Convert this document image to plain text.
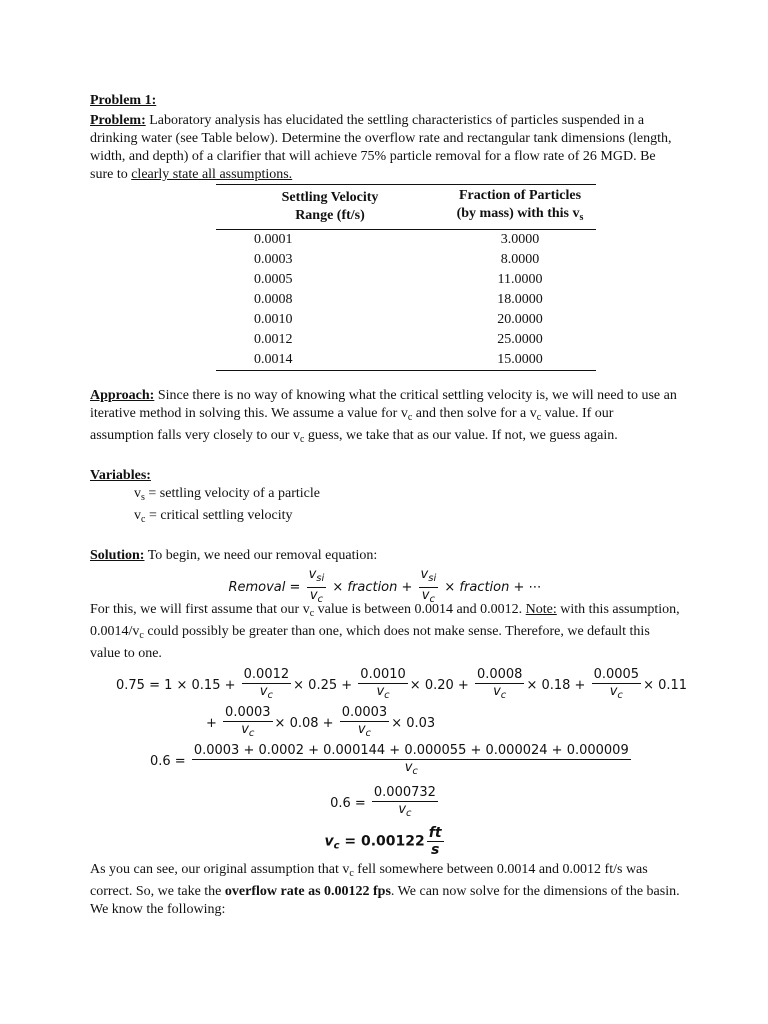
Problem 1:

Problem: Laboratory analysis has elucidated the settling characteristics of particles suspended in a drinking water (see Table below). Determine the overflow rate and rectangular tank dimensions (length, width, and depth) of a clarifier that will achieve 75% particle removal for a flow rate of 26 MGD. Be sure to clearly state all assumptions.

Settling Velocity
Range (ft/s)	Fraction of Particles
(by mass) with this $v_s$
0.0001	3.0000
0.0003	8.0000
0.0005	11.0000
0.0008	18.0000
0.0010	20.0000
0.0012	25.0000
0.0014	15.0000

Approach: Since there is no way of knowing what the critical settling velocity is, we will need to use an iterative method in solving this. We assume a value for $v_c$ and then solve for a $v_c$ value. If our assumption falls very closely to our $v_c$ guess, we take that as our value. If not, we guess again.

Variables:

$v_s$ = settling velocity of a particle

$v_c$ = critical settling velocity

Solution: To begin, we need our removal equation:

Removal = $\frac{v_{si}}{v_c}$ × fraction + $\frac{v_{si}}{v_c}$ × fraction + ⋯

For this, we will first assume that our $v_c$ value is between 0.0014 and 0.0012. Note: with this assumption, $0.0014/v_c$ could possibly be greater than one, which does not make sense. Therefore, we default this value to one.

$0.75 = 1 \times 0.15 + \frac{0.0012}{v_c} \times 0.25 + \frac{0.0010}{v_c} \times 0.20 + \frac{0.0008}{v_c} \times 0.18 + \frac{0.0005}{v_c} \times 0.11$
+ $\frac{0.0003}{v_c} \times 0.08 + \frac{0.0003}{v_c} \times 0.03$
$0.6 = \frac{0.0003 + 0.0002 + 0.000144 + 0.000055 + 0.000024 + 0.000009}{v_c}$
$0.6 = \frac{0.000732}{v_c}$
$v_c = 0.00122 \frac{ft}{s}$

As you can see, our original assumption that $v_c$ fell somewhere between 0.0014 and 0.0012 ft/s was correct. So, we take the overflow rate as 0.00122 fps. We can now solve for the dimensions of the basin. We know the following:
